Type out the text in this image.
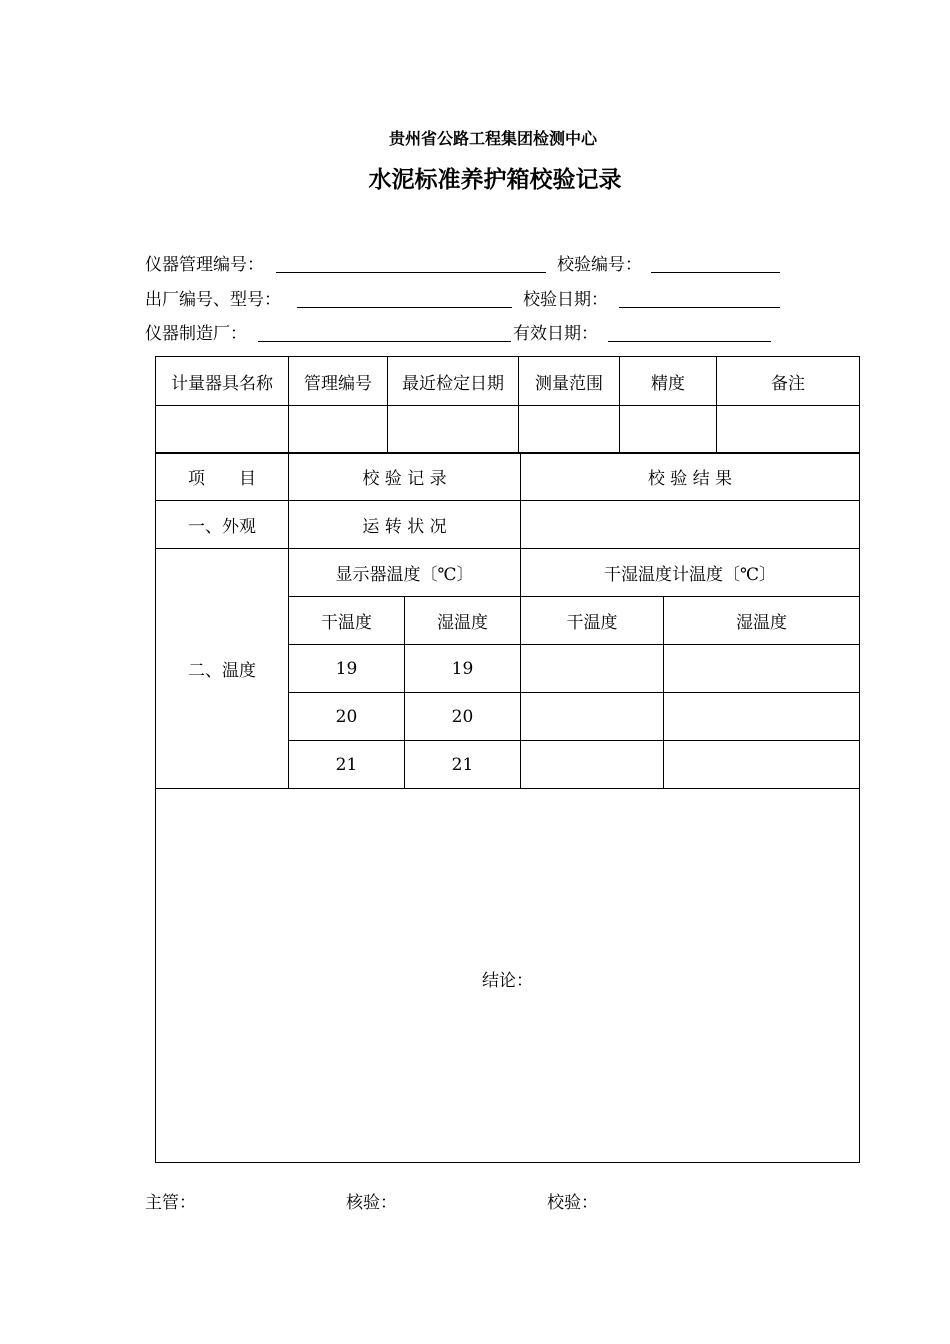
贵州省公路工程集团检测中心
水泥标准养护箱校验记录
仪器管理编号：	校验编号：
出厂编号、型号：	校验日期：
仪器制造厂：	有效日期：
计量器具名称	管理编号	最近检定日期	测量范围	精度	备注

项　　目	校 验 记 录		校 验 结 果	
一、外观	运 转 状 况			
二、温度	显示器温度〔℃〕		干湿温度计温度〔℃〕	
	干温度	湿温度	干温度	湿温度
	19	19		
	20	20		
	21	21		
结论：				
主管：	核验：	校验：
